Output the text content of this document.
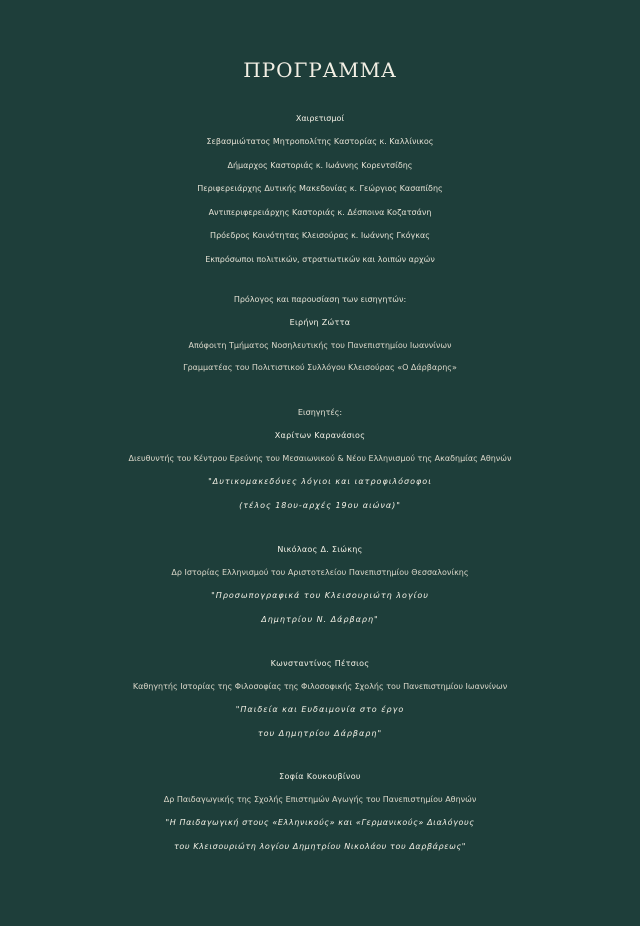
ΠΡΟΓΡΑΜΜΑ
Χαιρετισμοί
Σεβασμιώτατος Μητροπολίτης Καστορίας κ. Καλλίνικος
Δήμαρχος Καστοριάς κ. Ιωάννης Κορεντσίδης
Περιφερειάρχης Δυτικής Μακεδονίας κ. Γεώργιος Κασαπίδης
Αντιπεριφερειάρχης Καστοριάς κ. Δέσποινα Κοζατσάνη
Πρόεδρος Κοινότητας Κλεισούρας κ. Ιωάννης Γκόγκας
Εκπρόσωποι πολιτικών, στρατιωτικών και λοιπών αρχών
Πρόλογος και παρουσίαση των εισηγητών:
Ειρήνη Ζώττα
Απόφοιτη Τμήματος Νοσηλευτικής του Πανεπιστημίου Ιωαννίνων
Γραμματέας του Πολιτιστικού Συλλόγου Κλεισούρας «Ο Δάρβαρης»
Εισηγητές:
Χαρίτων Καρανάσιος
Διευθυντής του Κέντρου Ερεύνης του Μεσαιωνικού & Νέου Ελληνισμού της Ακαδημίας Αθηνών
"Δυτικομακεδόνες λόγιοι και ιατροφιλόσοφοι
(τέλος 18ου-αρχές 19ου αιώνα)"
Νικόλαος Δ. Σιώκης
Δρ Ιστορίας Ελληνισμού του Αριστοτελείου Πανεπιστημίου Θεσσαλονίκης
"Προσωπογραφικά του Κλεισουριώτη λογίου
Δημητρίου Ν. Δάρβαρη"
Κωνσταντίνος Πέτσιος
Καθηγητής Ιστορίας της Φιλοσοφίας της Φιλοσοφικής Σχολής του Πανεπιστημίου Ιωαννίνων
"Παιδεία και Ευδαιμονία στο έργο
του Δημητρίου Δάρβαρη"
Σοφία Κουκουβίνου
Δρ Παιδαγωγικής της Σχολής Επιστημών Αγωγής του Πανεπιστημίου Αθηνών
"Η Παιδαγωγική στους «Ελληνικούς» και «Γερμανικούς» Διαλόγους
του Κλεισουριώτη λογίου Δημητρίου Νικολάου του Δαρβάρεως"
